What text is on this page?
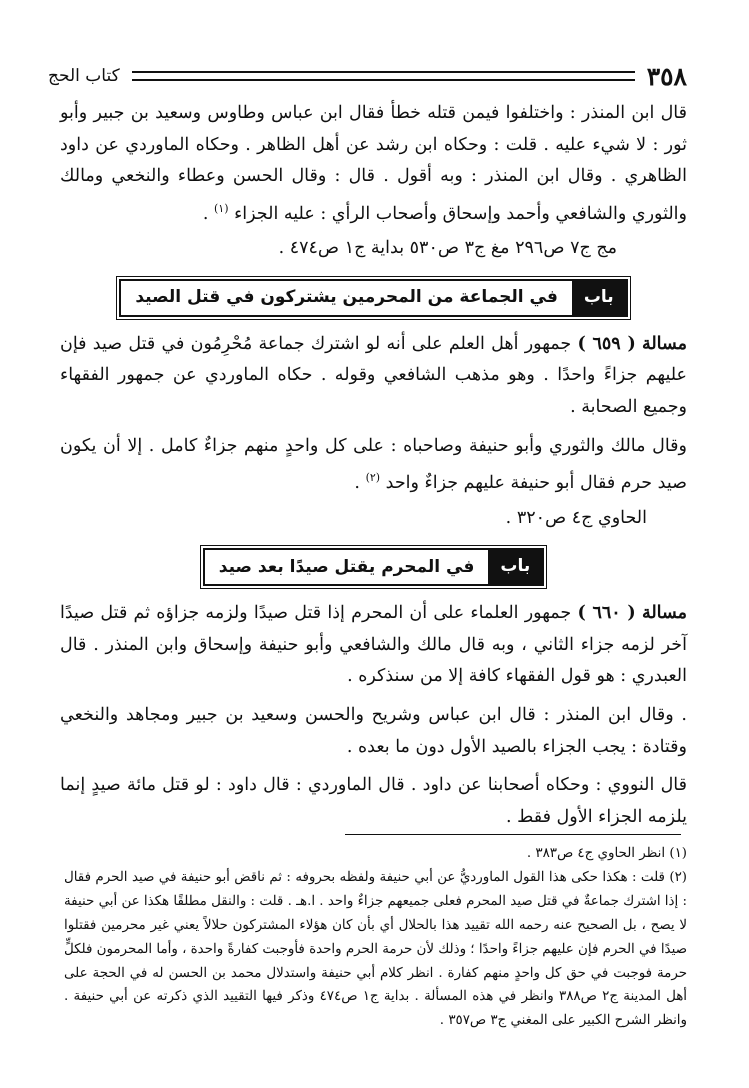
٣٥٨
كتاب الحج

قال ابن المنذر : واختلفوا فيمن قتله خطأ فقال ابن عباس وطاوس وسعيد بن جبير وأبو ثور : لا شيء عليه . قلت : وحكاه ابن رشد عن أهل الظاهر . وحكاه الماوردي عن داود الظاهري . وقال ابن المنذر : وبه أقول . قال : وقال الحسن وعطاء والنخعي ومالك والثوري والشافعي وأحمد وإسحاق وأصحاب الرأي : عليه الجزاء $^{(١)}$ .

مج ج٧ ص٢٩٦ مغ ج٣ ص٥٣٠ بداية ج١ ص٤٧٤ .

باب
في الجماعة من المحرمين يشتركون في قتل الصيد

مسالة ( ٦٥٩ ) جمهور أهل العلم على أنه لو اشترك جماعة مُحْرِمُون في قتل صيد فإن عليهم جزاءً واحدًا . وهو مذهب الشافعي وقوله . حكاه الماوردي عن جمهور الفقهاء وجميع الصحابة .

وقال مالك والثوري وأبو حنيفة وصاحباه : على كل واحدٍ منهم جزاءٌ كامل . إلا أن يكون صيد حرم فقال أبو حنيفة عليهم جزاءٌ واحد $^{(٢)}$ .

الحاوي ج٤ ص٣٢٠ .

باب
في المحرم يقتل صيدًا بعد صيد

مسالة ( ٦٦٠ ) جمهور العلماء على أن المحرم إذا قتل صيدًا ولزمه جزاؤه ثم قتل صيدًا آخر لزمه جزاء الثاني ، وبه قال مالك والشافعي وأبو حنيفة وإسحاق وابن المنذر . قال العبدري : هو قول الفقهاء كافة إلا من سنذكره .

. وقال ابن المنذر : قال ابن عباس وشريح والحسن وسعيد بن جبير ومجاهد والنخعي وقتادة : يجب الجزاء بالصيد الأول دون ما بعده .

قال النووي : وحكاه أصحابنا عن داود . قال الماوردي : قال داود : لو قتل مائة صيدٍ إنما يلزمه الجزاء الأول فقط .

(١) انظر الحاوي ج٤ ص٣٨٣ .

(٢) قلت : هكذا حكى هذا القول الماورديُّ عن أبي حنيفة ولفظه بحروفه : ثم ناقض أبو حنيفة في صيد الحرم فقال : إذا اشترك جماعةٌ في قتل صيد المحرم فعلى جميعهم جزاءٌ واحد . ا.هـ . قلت : والنقل مطلقًا هكذا عن أبي حنيفة لا يصح ، بل الصحيح عنه رحمه الله تقييد هذا بالحلال أي بأن كان هؤلاء المشتركون حلالاً يعني غير محرمين فقتلوا صيدًا في الحرم فإن عليهم جزاءً واحدًا ؛ وذلك لأن حرمة الحرم واحدة فأوجبت كفارةً واحدة ، وأما المحرمون فلكلٍّ حرمة فوجبت في حق كل واحدٍ منهم كفارة . انظر كلام أبي حنيفة واستدلال محمد بن الحسن له في الحجة على أهل المدينة ج٢ ص٣٨٨ وانظر في هذه المسألة . بداية ج١ ص٤٧٤ وذكر فيها التقييد الذي ذكرته عن أبي حنيفة . وانظر الشرح الكبير على المغني ج٣ ص٣٥٧ .
